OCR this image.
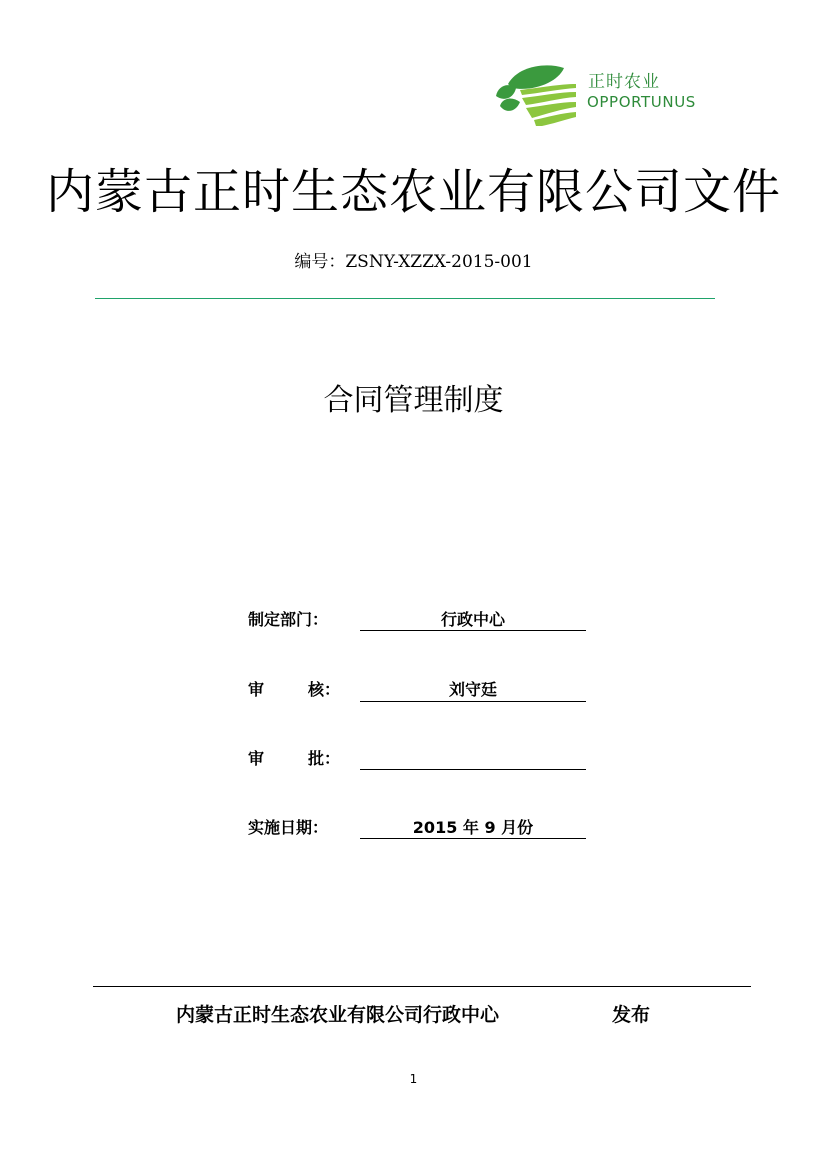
正时农业
OPPORTUNUS
内蒙古正时生态农业有限公司文件
编号：ZSNY-XZZX-2015-001
合同管理制度
制定部门：	行政中心
审	核：	刘守廷
审	批：
实施日期：	2015 年 9 月份
内蒙古正时生态农业有限公司行政中心	发布
1
